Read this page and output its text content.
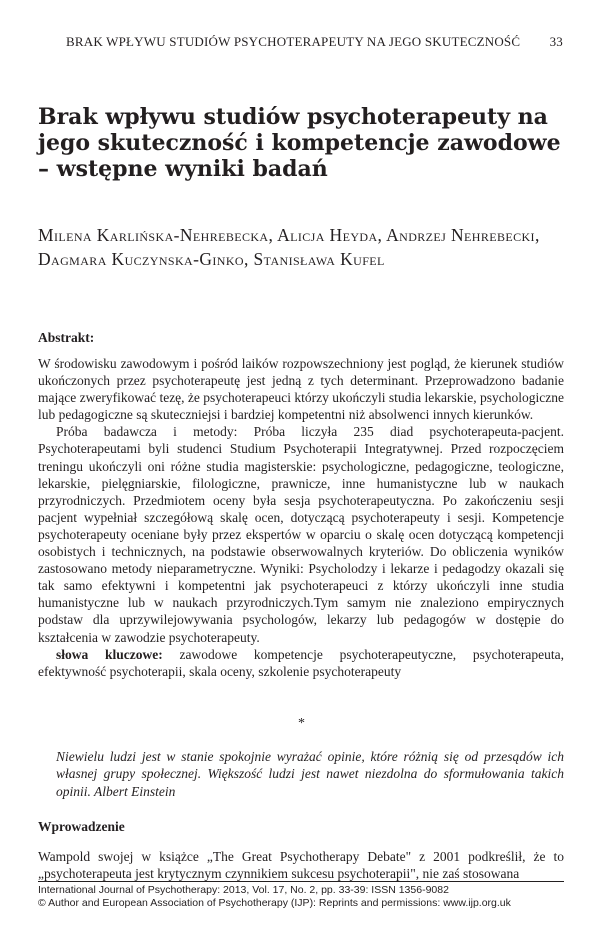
BRAK WPŁYWU STUDIÓW PSYCHOTERAPEUTY NA JEGO SKUTECZNOŚĆ 33
Brak wpływu studiów psychoterapeuty na jego skuteczność i kompetencje zawodowe – wstępne wyniki badań
Milena Karlińska-Nehrebecka, Alicja Heyda, Andrzej Nehrebecki, Dagmara Kuczynska-Ginko, Stanisława Kufel
Abstrakt:

W środowisku zawodowym i pośród laików rozpowszechniony jest pogląd, że kierunek studiów ukończonych przez psychoterapeutę jest jedną z tych determinant. Przeprowadzono badanie mające zweryfikować tezę, że psychoterapeuci którzy ukończyli studia lekarskie, psychologiczne lub pedagogiczne są skuteczniejsi i bardziej kompetentni niż absolwenci innych kierunków.

Próba badawcza i metody: Próba liczyła 235 diad psychoterapeuta-pacjent. Psychoterapeutami byli studenci Studium Psychoterapii Integratywnej. Przed rozpoczęciem treningu ukończyli oni różne studia magisterskie: psychologiczne, pedagogiczne, teologiczne, lekarskie, pielęgniarskie, filologiczne, prawnicze, inne humanistyczne lub w naukach przyrodniczych. Przedmiotem oceny była sesja psychoterapeutyczna. Po zakończeniu sesji pacjent wypełniał szczegółową skalę ocen, dotyczącą psychoterapeuty i sesji. Kompetencje psychoterapeuty oceniane były przez ekspertów w oparciu o skalę ocen dotyczącą kompetencji osobistych i technicznych, na podstawie obserwowalnych kryteriów. Do obliczenia wyników zastosowano metody nieparametryczne. Wyniki: Psycholodzy i lekarze i pedagodzy okazali się tak samo efektywni i kompetentni jak psychoterapeuci z którzy ukończyli inne studia humanistyczne lub w naukach przyrodniczych.Tym samym nie znaleziono empirycznych podstaw dla uprzywilejowywania psychologów, lekarzy lub pedagogów w dostępie do kształcenia w zawodzie psychoterapeuty.

słowa kluczowe: zawodowe kompetencje psychoterapeutyczne, psychoterapeuta, efektywność psychoterapii, skala oceny, szkolenie psychoterapeuty

*
Niewielu ludzi jest w stanie spokojnie wyrażać opinie, które różnią się od przesądów ich własnej grupy społecznej. Większość ludzi jest nawet niezdolna do sformułowania takich opinii. Albert Einstein
Wprowadzenie

Wampold swojej w książce „The Great Psychotherapy Debate" z 2001 podkreślił, że to „psychoterapeuta jest krytycznym czynnikiem sukcesu psychoterapii", nie zaś stosowana

International Journal of Psychotherapy: 2013, Vol. 17, No. 2, pp. 33-39: ISSN 1356-9082
© Author and European Association of Psychotherapy (IJP): Reprints and permissions: www.ijp.org.uk
